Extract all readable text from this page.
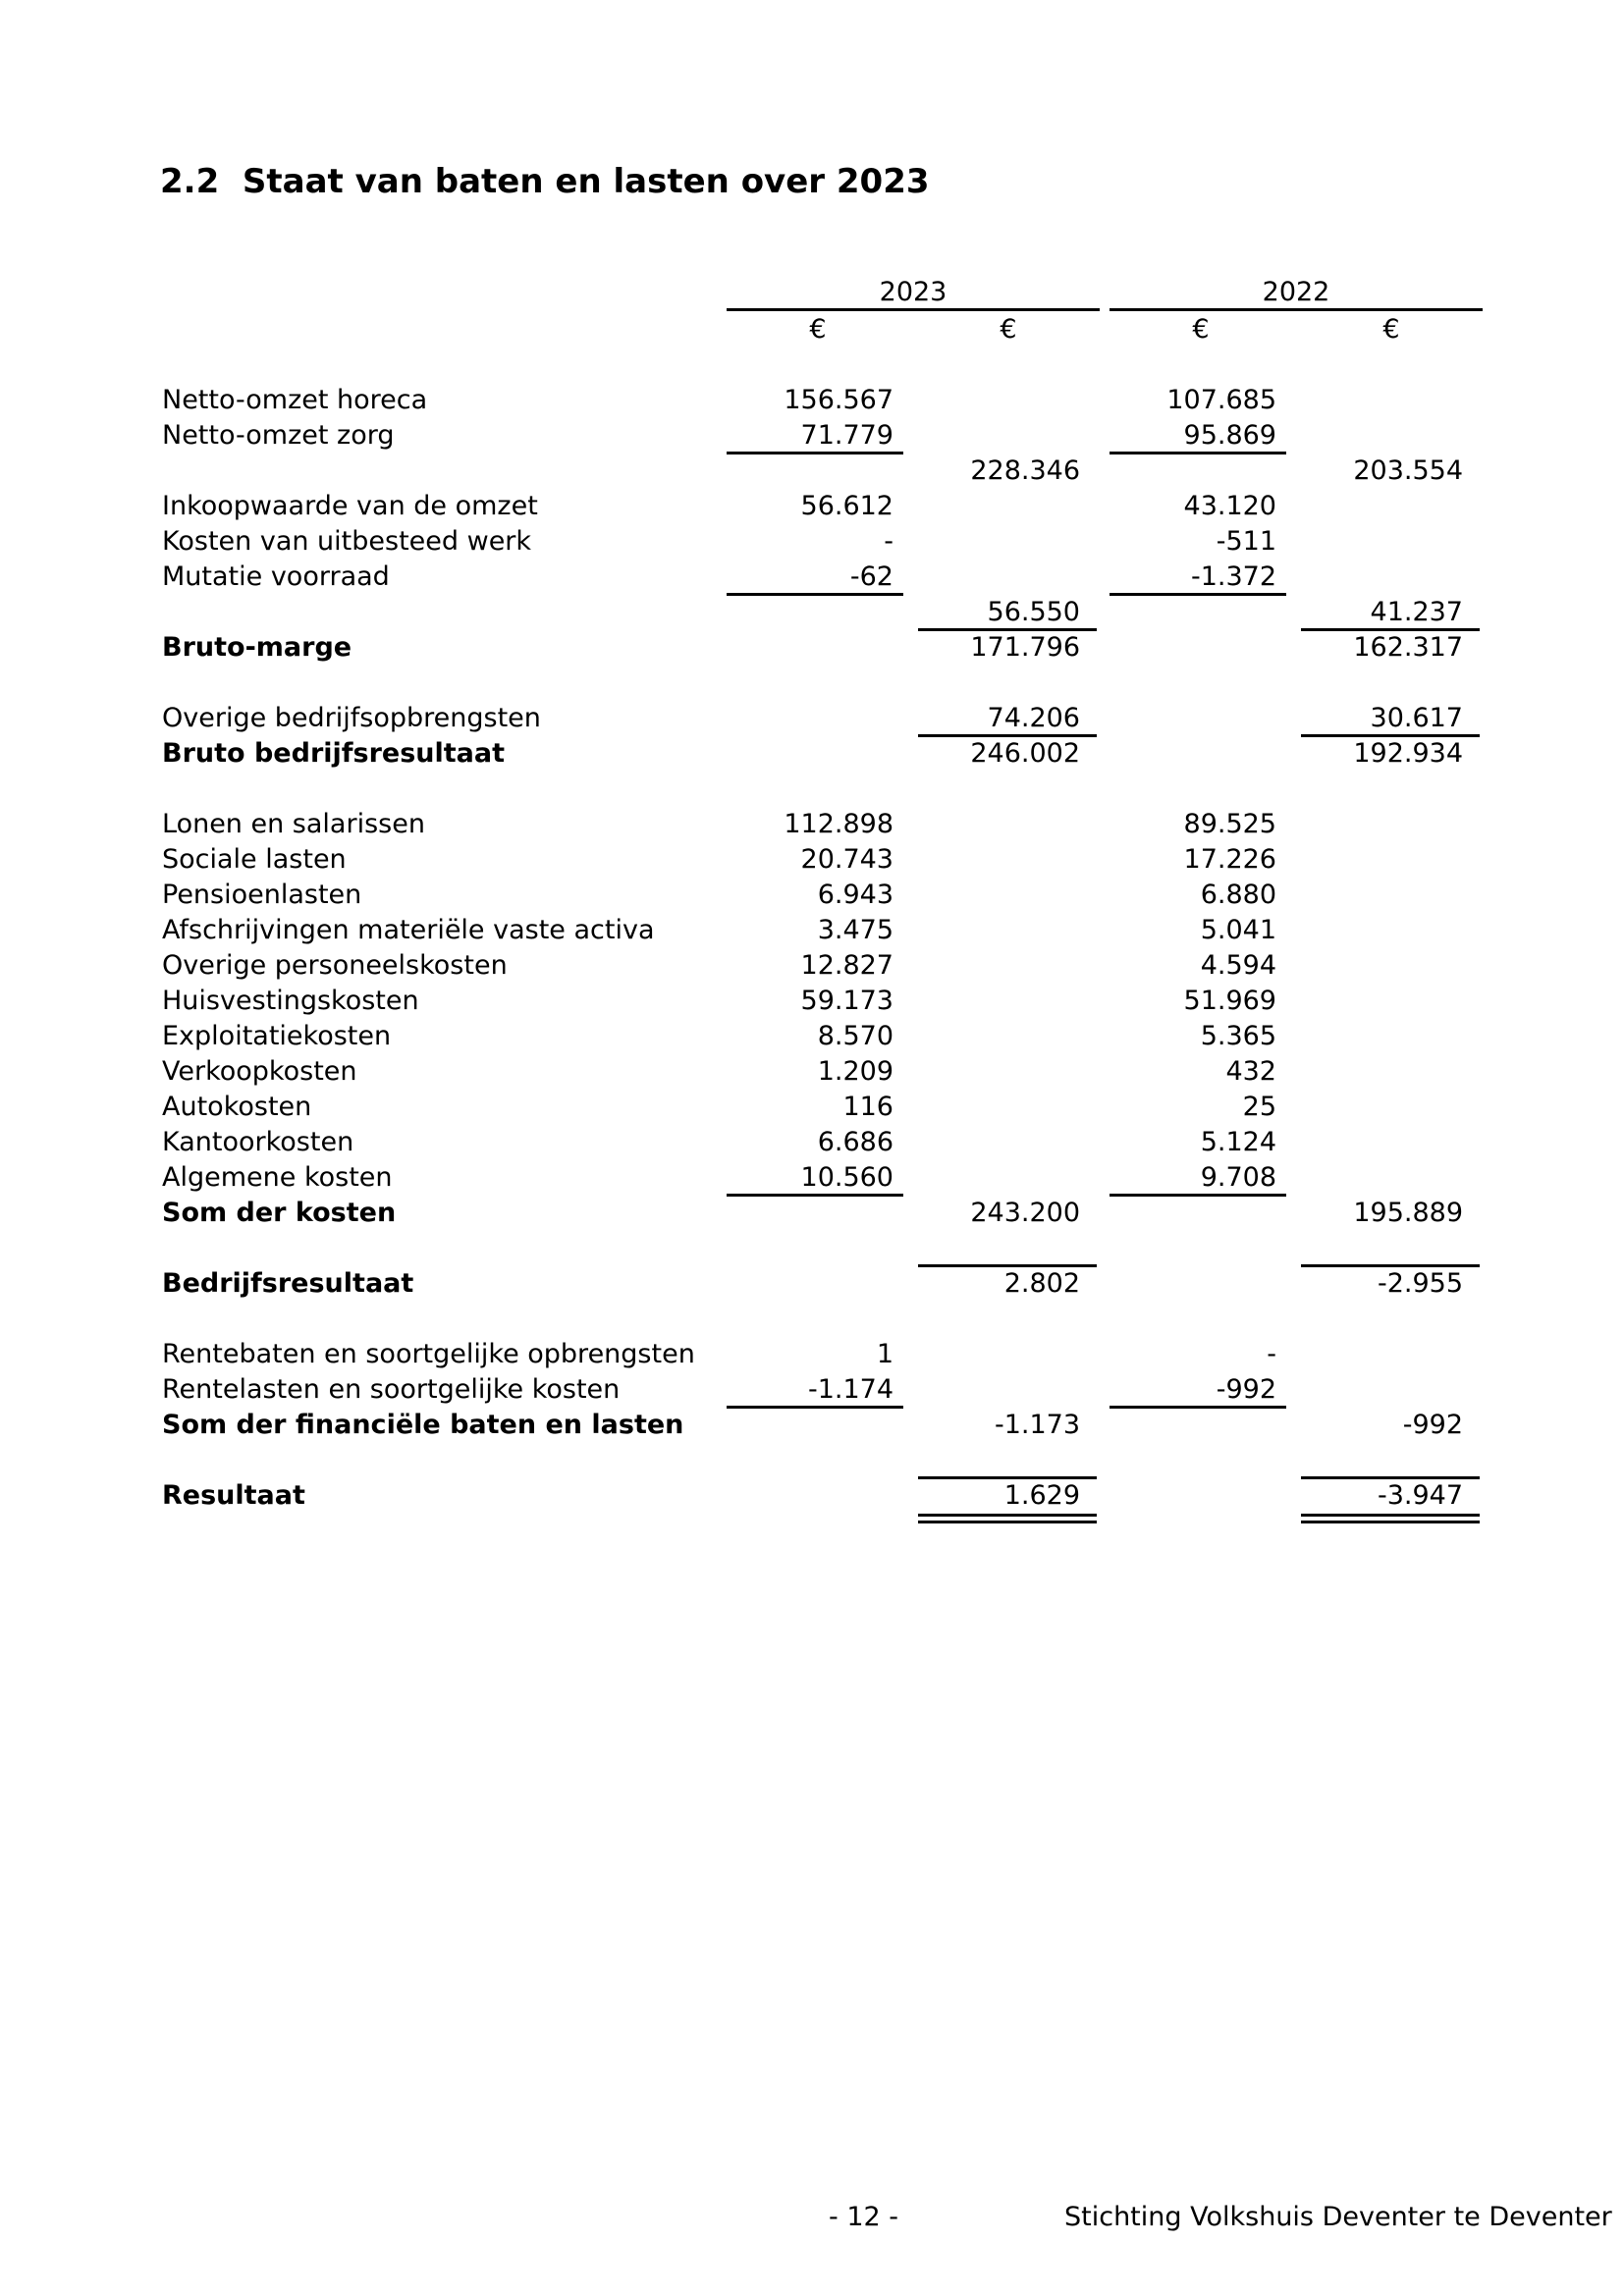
2.2  Staat van baten en lasten over 2023
2023	2022
€	€	€	€
Netto-omzet horeca	156.567	107.685
Netto-omzet zorg	71.779	95.869
228.346	203.554
Inkoopwaarde van de omzet	56.612	43.120
Kosten van uitbesteed werk	-	-511
Mutatie voorraad	-62	-1.372
56.550	41.237
Bruto-marge	171.796	162.317
Overige bedrijfsopbrengsten	74.206	30.617
Bruto bedrijfsresultaat	246.002	192.934
Lonen en salarissen	112.898	89.525
Sociale lasten	20.743	17.226
Pensioenlasten	6.943	6.880
Afschrijvingen materiële vaste activa	3.475	5.041
Overige personeelskosten	12.827	4.594
Huisvestingskosten	59.173	51.969
Exploitatiekosten	8.570	5.365
Verkoopkosten	1.209	432
Autokosten	116	25
Kantoorkosten	6.686	5.124
Algemene kosten	10.560	9.708
Som der kosten	243.200	195.889
Bedrijfsresultaat	2.802	-2.955
Rentebaten en soortgelijke opbrengsten	1	-
Rentelasten en soortgelijke kosten	-1.174	-992
Som der financiële baten en lasten	-1.173	-992
Resultaat	1.629	-3.947
- 12 -	Stichting Volkshuis Deventer te Deventer
